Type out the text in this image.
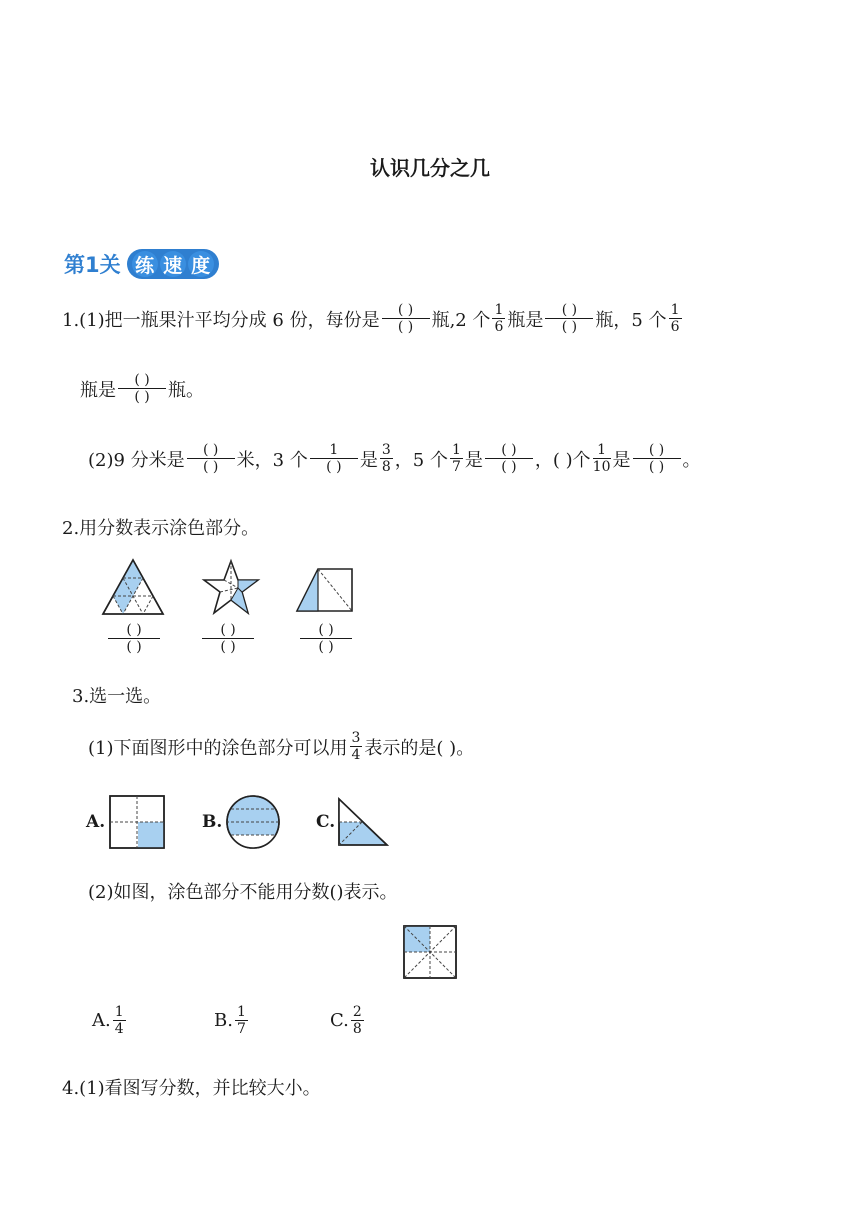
认识几分之几
第1关 练 速 度
1.(1)把一瓶果汁平均分成 6 份，每份是 $\frac{( )}{( )}$ 瓶,2 个 $\frac{1}{6}$ 瓶是 $\frac{( )}{( )}$ 瓶，5 个 $\frac{1}{6}$
瓶是 $\frac{( )}{( )}$ 瓶。
(2)9 分米是 $\frac{( )}{( )}$ 米，3 个 $\frac{1}{( )}$ 是 $\frac{3}{8}$ ，5 个 $\frac{1}{7}$ 是 $\frac{( )}{( )}$ ，( )个 $\frac{1}{10}$ 是 $\frac{( )}{( )}$ 。
2.用分数表示涂色部分。
$\frac{( )}{( )}$	$\frac{( )}{( )}$	$\frac{( )}{( )}$
3.选一选。
(1)下面图形中的涂色部分可以用 $\frac{3}{4}$ 表示的是( )。
A.	B.	C.
(2)如图，涂色部分不能用分数()表示。
A. $\frac{1}{4}$	B. $\frac{1}{7}$	C. $\frac{2}{8}$
4.(1)看图写分数，并比较大小。
